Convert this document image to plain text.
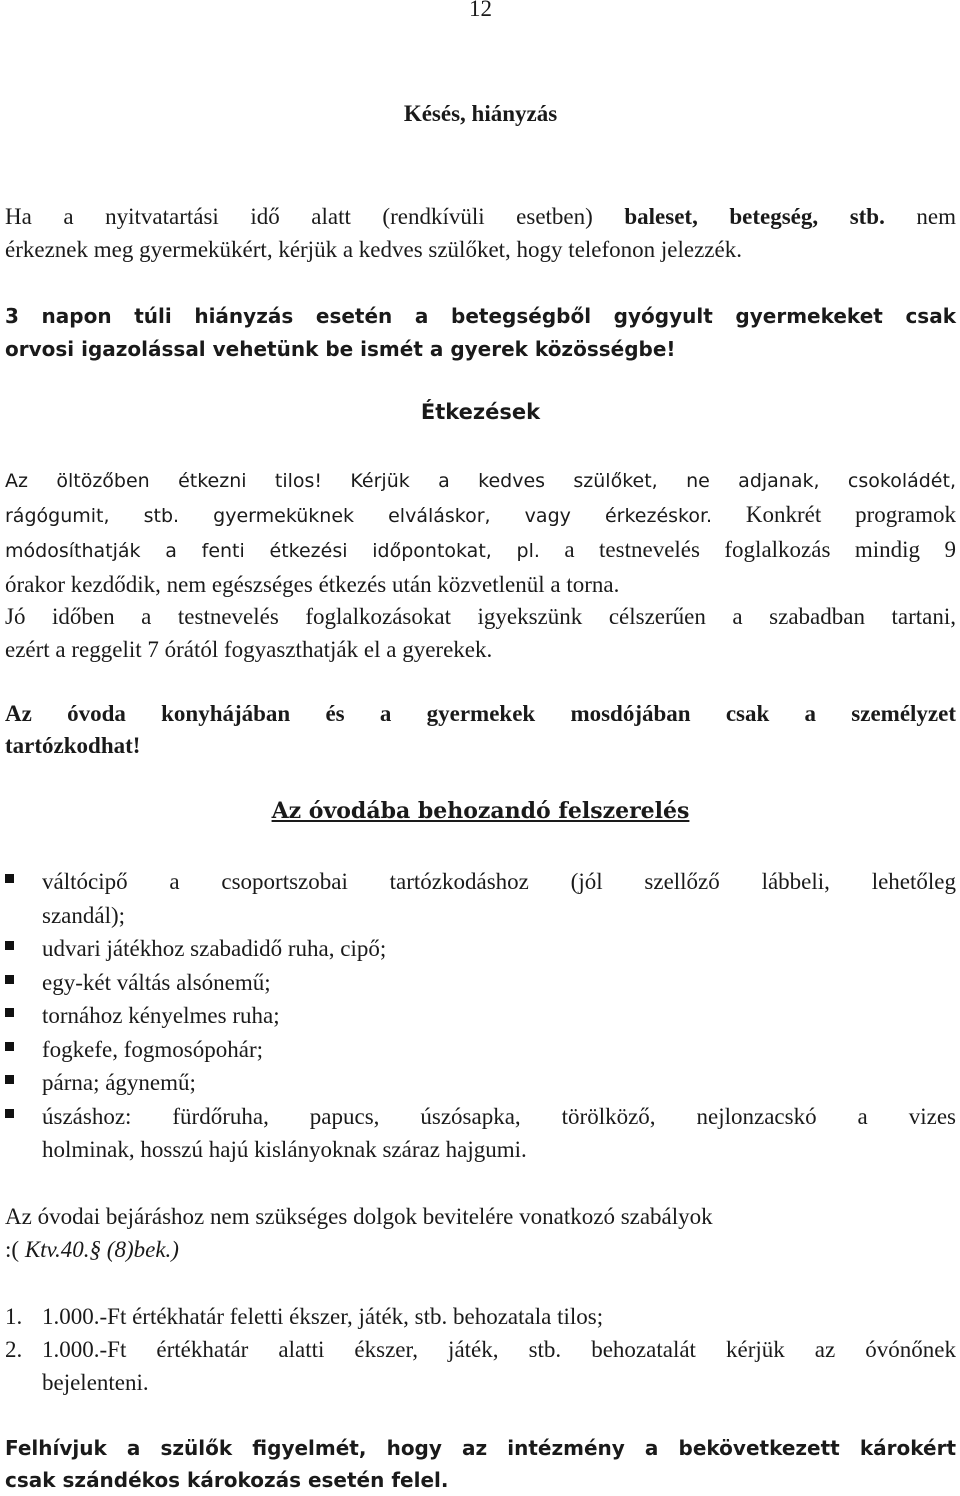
12
Késés, hiányzás
Ha a nyitvatartási idő alatt (rendkívüli esetben) baleset, betegség, stb. nem
érkeznek meg gyermekükért, kérjük a kedves szülőket, hogy telefonon jelezzék.
3 napon túli hiányzás esetén a betegségből gyógyult gyermekeket csak
orvosi igazolással vehetünk be ismét a gyerek közösségbe!
Étkezések
Az öltözőben étkezni tilos! Kérjük a kedves szülőket, ne adjanak, csokoládét,
rágógumit, stb. gyermeküknek elváláskor, vagy érkezéskor. Konkrét programok
módosíthatják a fenti étkezési időpontokat, pl. a testnevelés foglalkozás mindig 9
órakor kezdődik, nem egészséges étkezés után közvetlenül a torna.
Jó időben a testnevelés foglalkozásokat igyekszünk célszerűen a szabadban tartani,
ezért a reggelit 7 órától fogyaszthatják el a gyerekek.
Az óvoda konyhájában és a gyermekek mosdójában csak a személyzet
tartózkodhat!
Az óvodába behozandó felszerelés
váltócipő a csoportszobai tartózkodáshoz (jól szellőző lábbeli, lehetőleg
szandál);
udvari játékhoz szabadidő ruha, cipő;
egy-két váltás alsónemű;
tornához kényelmes ruha;
fogkefe, fogmosópohár;
párna; ágynemű;
úszáshoz: fürdőruha, papucs, úszósapka, törölköző, nejlonzacskó a vizes
holminak, hosszú hajú kislányoknak száraz hajgumi.
Az óvodai bejáráshoz nem szükséges dolgok bevitelére vonatkozó szabályok
:( Ktv.40.§ (8)bek.)
1. 1.000.-Ft értékhatár feletti ékszer, játék, stb. behozatala tilos;
2. 1.000.-Ft értékhatár alatti ékszer, játék, stb. behozatalát kérjük az óvónőnek
bejelenteni.
Felhívjuk a szülők figyelmét, hogy az intézmény a bekövetkezett károkért
csak szándékos károkozás esetén felel.
